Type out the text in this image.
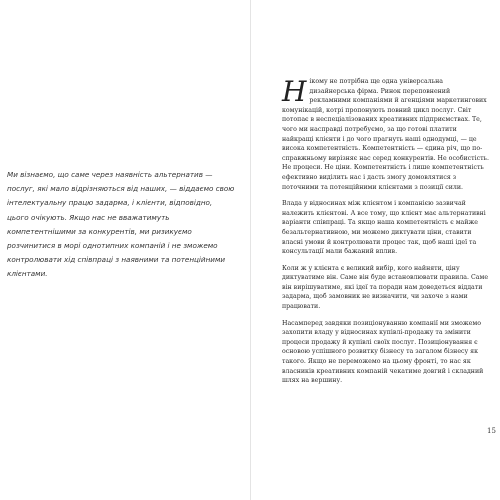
Ми візнаємо, що саме через наявність альтернатив — послуг, які мало відрізняються від наших, — віддаємо свою інтелектуальну працю задарма, і клієнти, відповідно, цього очікують. Якщо нас не вважатимуть компетентнішими за конкурентів, ми ризикуємо розчинитися в морі однотипних компаній і не зможемо контролювати хід співпраці з наявними та потенційними клієнтами.

Нікому не потрібна ще одна універсальна дизайнерська фірма. Ринок переповнений рекламними компаніями й агенціями маркетингових комунікацій, котрі пропонують повний цикл послуг. Світ потопає в неспеціалізованих креативних підприємствах. Те, чого ми насправді потребуємо, за що готові платити найкращі клієнти і до чого прагнуть наші однодумці, — це висока компетентність. Компетентність — єдина річ, що по-справжньому вирізняє нас серед конкурентів. Не особистість. Не процеси. Не ціни. Компетентність і лише компетентність ефективно виділить нас і дасть змогу домовлятися з поточними та потенційними клієнтами з позиції сили.

Влада у відносинах між клієнтом і компанією зазвичай належить клієнтові. А все тому, що клієнт має альтернативні варіанти співпраці. Та якщо наша компетентність є майже безальтернативною, ми можемо диктувати ціни, ставити власні умови й контролювати процес так, щоб наші ідеї та консультації мали бажаний вплив.

Коли ж у клієнта є великий вибір, кого найняти, ціну диктуватиме він. Саме він буде встановлювати правила. Саме він вирішуватиме, які ідеї та поради нам доведеться віддати задарма, щоб замовник не визначити, чи захоче з нами працювати.

Насамперед завдяки позиціонуванню компанії ми зможемо захопити владу у відносинах купівлі-продажу та змінити процеси продажу й купівлі своїх послуг. Позиціонування є основою успішного розвитку бізнесу та загалом бізнесу як такого. Якщо не переможемо на цьому фронті, то нас як власників креативних компаній чекатиме довгий і складний шлях на вершину.

15
